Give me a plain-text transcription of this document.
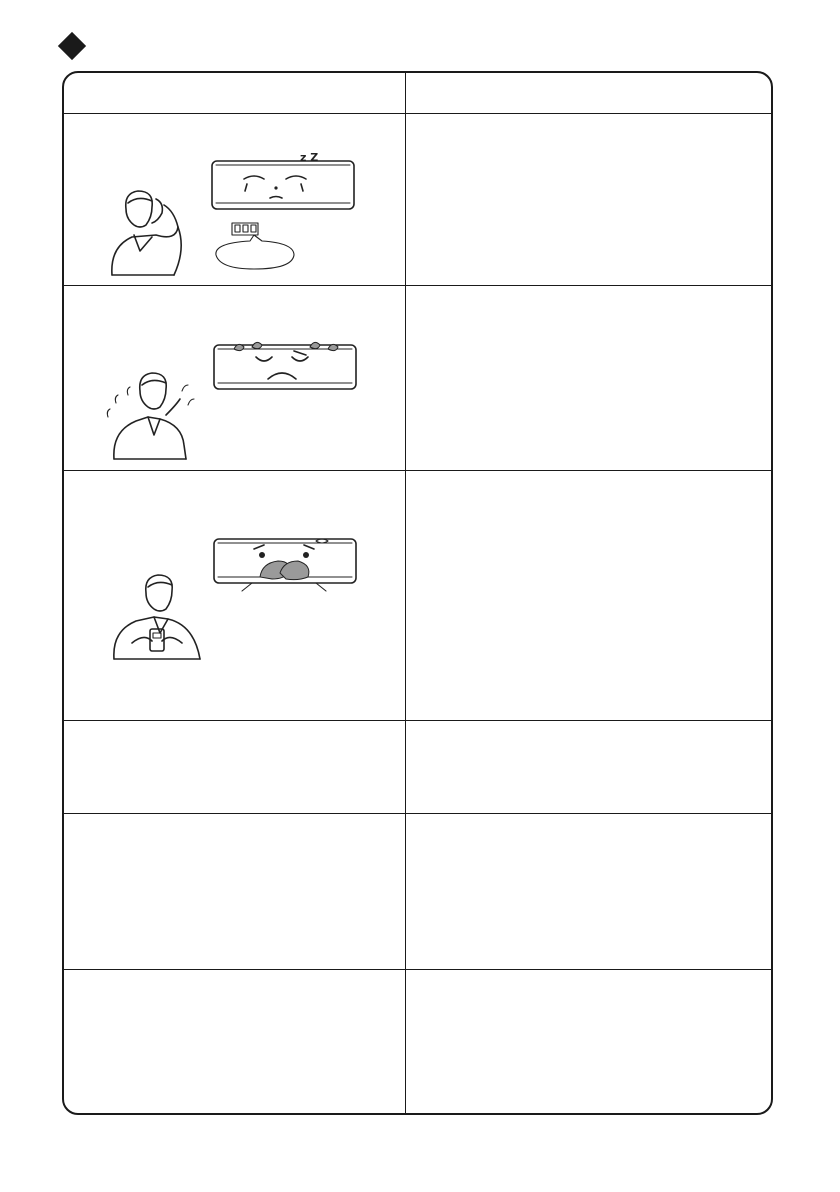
z Z
